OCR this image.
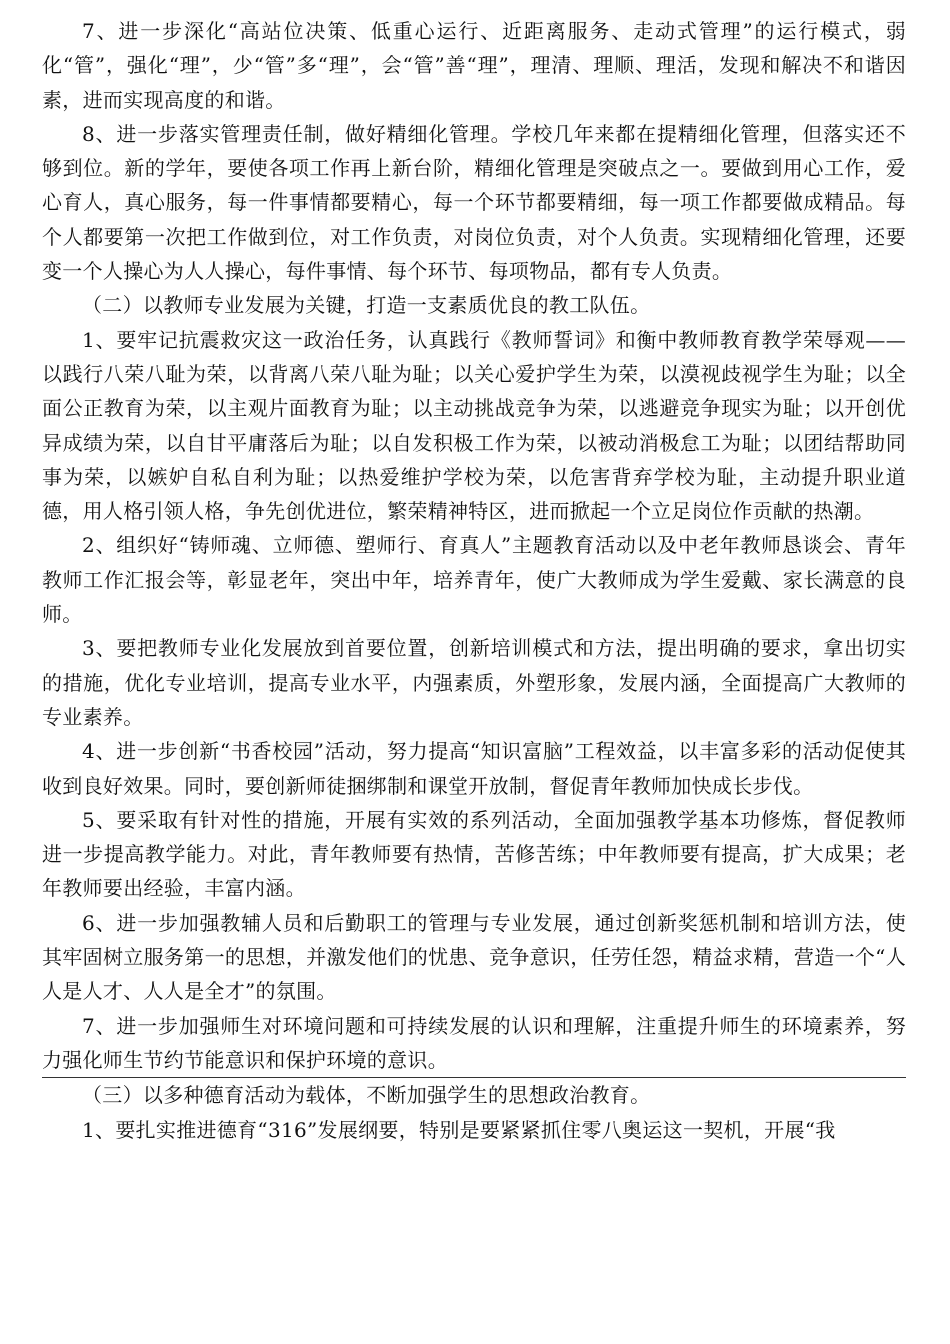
7、进一步深化“高站位决策、低重心运行、近距离服务、走动式管理”的运行模式，弱化“管”，强化“理”，少“管”多“理”，会“管”善“理”，理清、理顺、理活，发现和解决不和谐因素，进而实现高度的和谐。

8、进一步落实管理责任制，做好精细化管理。学校几年来都在提精细化管理，但落实还不够到位。新的学年，要使各项工作再上新台阶，精细化管理是突破点之一。要做到用心工作，爱心育人，真心服务，每一件事情都要精心，每一个环节都要精细，每一项工作都要做成精品。每个人都要第一次把工作做到位，对工作负责，对岗位负责，对个人负责。实现精细化管理，还要变一个人操心为人人操心，每件事情、每个环节、每项物品，都有专人负责。

（二）以教师专业发展为关键，打造一支素质优良的教工队伍。

1、要牢记抗震救灾这一政治任务，认真践行《教师誓词》和衡中教师教育教学荣辱观——以践行八荣八耻为荣，以背离八荣八耻为耻；以关心爱护学生为荣，以漠视歧视学生为耻；以全面公正教育为荣，以主观片面教育为耻；以主动挑战竞争为荣，以逃避竞争现实为耻；以开创优异成绩为荣，以自甘平庸落后为耻；以自发积极工作为荣，以被动消极怠工为耻；以团结帮助同事为荣，以嫉妒自私自利为耻；以热爱维护学校为荣，以危害背弃学校为耻，主动提升职业道德，用人格引领人格，争先创优进位，繁荣精神特区，进而掀起一个立足岗位作贡献的热潮。

2、组织好“铸师魂、立师德、塑师行、育真人”主题教育活动以及中老年教师恳谈会、青年教师工作汇报会等，彰显老年，突出中年，培养青年，使广大教师成为学生爱戴、家长满意的良师。

3、要把教师专业化发展放到首要位置，创新培训模式和方法，提出明确的要求，拿出切实的措施，优化专业培训，提高专业水平，内强素质，外塑形象，发展内涵，全面提高广大教师的专业素养。

4、进一步创新“书香校园”活动，努力提高“知识富脑”工程效益，以丰富多彩的活动促使其收到良好效果。同时，要创新师徒捆绑制和课堂开放制，督促青年教师加快成长步伐。

5、要采取有针对性的措施，开展有实效的系列活动，全面加强教学基本功修炼，督促教师进一步提高教学能力。对此，青年教师要有热情，苦修苦练；中年教师要有提高，扩大成果；老年教师要出经验，丰富内涵。

6、进一步加强教辅人员和后勤职工的管理与专业发展，通过创新奖惩机制和培训方法，使其牢固树立服务第一的思想，并激发他们的忧患、竞争意识，任劳任怨，精益求精，营造一个“人人是人才、人人是全才”的氛围。

7、进一步加强师生对环境问题和可持续发展的认识和理解，注重提升师生的环境素养，努力强化师生节约节能意识和保护环境的意识。

（三）以多种德育活动为载体，不断加强学生的思想政治教育。

1、要扎实推进德育“316”发展纲要，特别是要紧紧抓住零八奥运这一契机，开展“我
